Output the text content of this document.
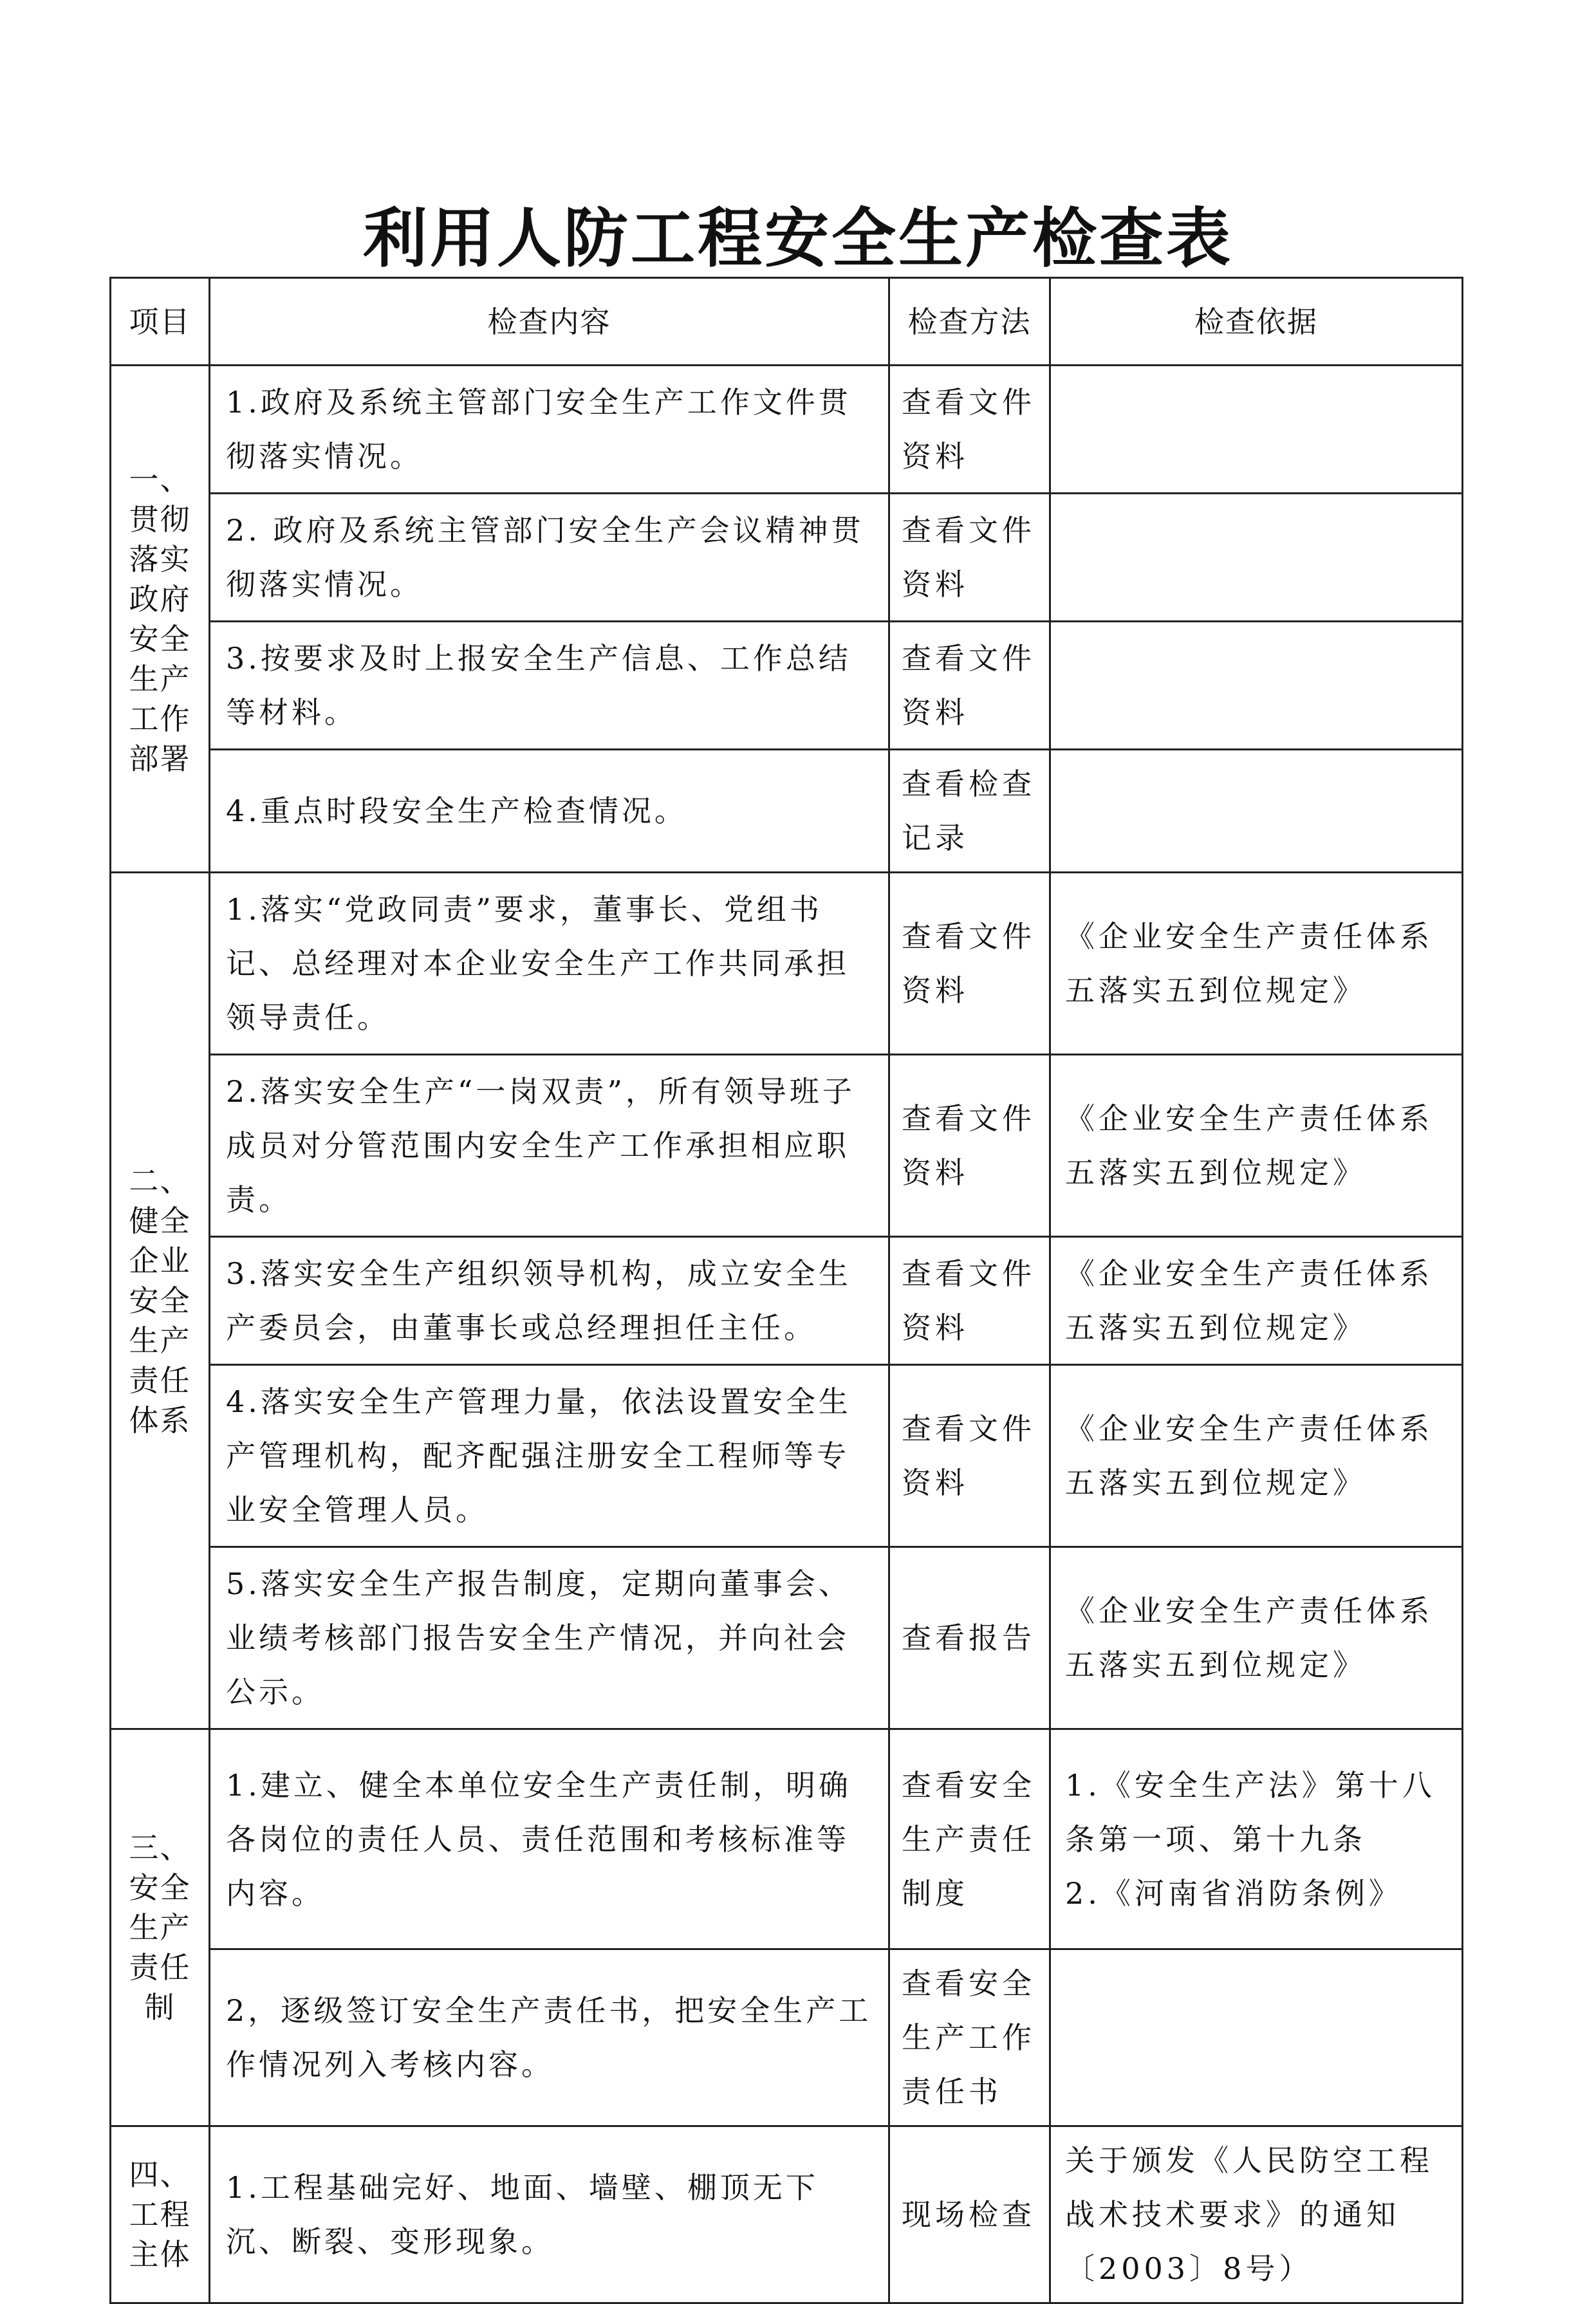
利用人防工程安全生产检查表
项目	检查内容	检查方法	检查依据
一、贯彻落实政府安全生产工作部署	1.政府及系统主管部门安全生产工作文件贯彻落实情况。	查看文件资料	
	2. 政府及系统主管部门安全生产会议精神贯彻落实情况。	查看文件资料	
	3.按要求及时上报安全生产信息、工作总结等材料。	查看文件资料	
	4.重点时段安全生产检查情况。	查看检查记录	
二、健全企业安全生产责任体系	1.落实“党政同责”要求，董事长、党组书记、总经理对本企业安全生产工作共同承担领导责任。	查看文件资料	《企业安全生产责任体系五落实五到位规定》

	2.落实安全生产“一岗双责”，所有领导班子成员对分管范围内安全生产工作承担相应职责。	查看文件资料	《企业安全生产责任体系五落实五到位规定》

	3.落实安全生产组织领导机构，成立安全生产委员会，由董事长或总经理担任主任。	查看文件资料	《企业安全生产责任体系五落实五到位规定》

	4.落实安全生产管理力量，依法设置安全生产管理机构，配齐配强注册安全工程师等专业安全管理人员。	查看文件资料	《企业安全生产责任体系五落实五到位规定》

	5.落实安全生产报告制度，定期向董事会、业绩考核部门报告安全生产情况，并向社会公示。	查看报告	《企业安全生产责任体系五落实五到位规定》

三、安全生产责任制	1.建立、健全本单位安全生产责任制，明确各岗位的责任人员、责任范围和考核标准等内容。	查看安全生产责任制度	1.《安全生产法》第十八条第一项、第十九条
2.《河南省消防条例》

	2，逐级签订安全生产责任书，把安全生产工作情况列入考核内容。	查看安全生产工作责任书	
四、工程主体	1.工程基础完好、地面、墙壁、棚顶无下沉、断裂、变形现象。	现场检查	关于颁发《人民防空工程战术技术要求》的通知〔2003〕8号）
